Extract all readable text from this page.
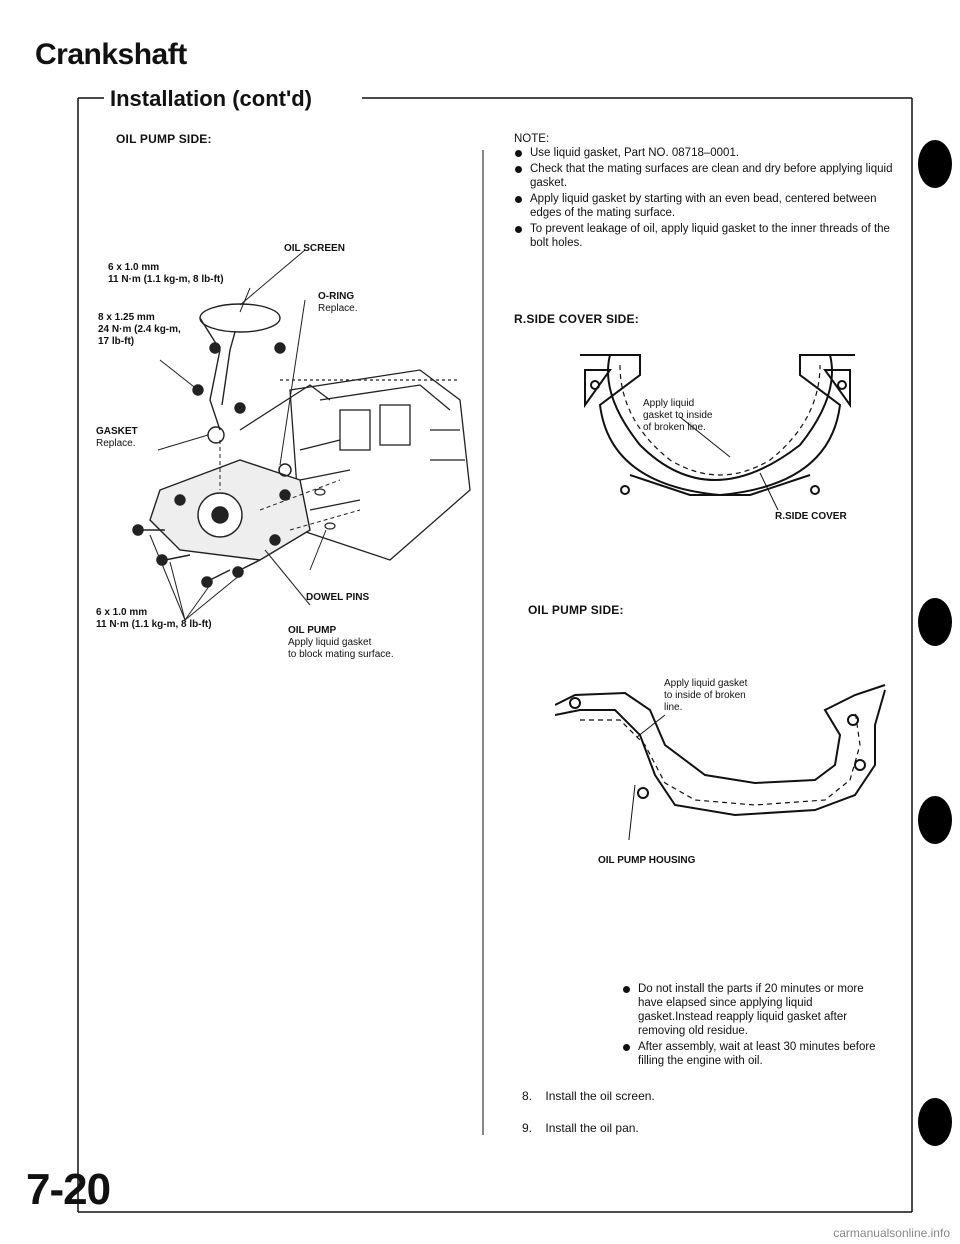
Crankshaft
Installation (cont'd)
OIL PUMP SIDE:
OIL SCREEN
6 x 1.0 mm
11 N·m (1.1 kg-m, 8 lb-ft)
8 x 1.25 mm
24 N·m (2.4 kg-m,
17 lb-ft)
O-RING
Replace.
GASKET
Replace.
DOWEL PINS
6 x 1.0 mm
11 N·m (1.1 kg-m, 8 lb-ft)
OIL PUMP
Apply liquid gasket
to block mating surface.
NOTE:
Use liquid gasket, Part NO. 08718–0001.
Check that the mating surfaces are clean and dry before applying liquid gasket.
Apply liquid gasket by starting with an even bead, centered between edges of the mating surface.
To prevent leakage of oil, apply liquid gasket to the inner threads of the bolt holes.
R.SIDE COVER SIDE:
Apply liquid
gasket to inside
of broken line.
R.SIDE COVER
OIL PUMP SIDE:
Apply liquid gasket
to inside of broken
line.
OIL PUMP HOUSING
Do not install the parts if 20 minutes or more have elapsed since applying liquid gasket.Instead reapply liquid gasket after removing old residue.
After assembly, wait at least 30 minutes before filling the engine with oil.
8. Install the oil screen.
9. Install the oil pan.
7-20
carmanualsonline.info
